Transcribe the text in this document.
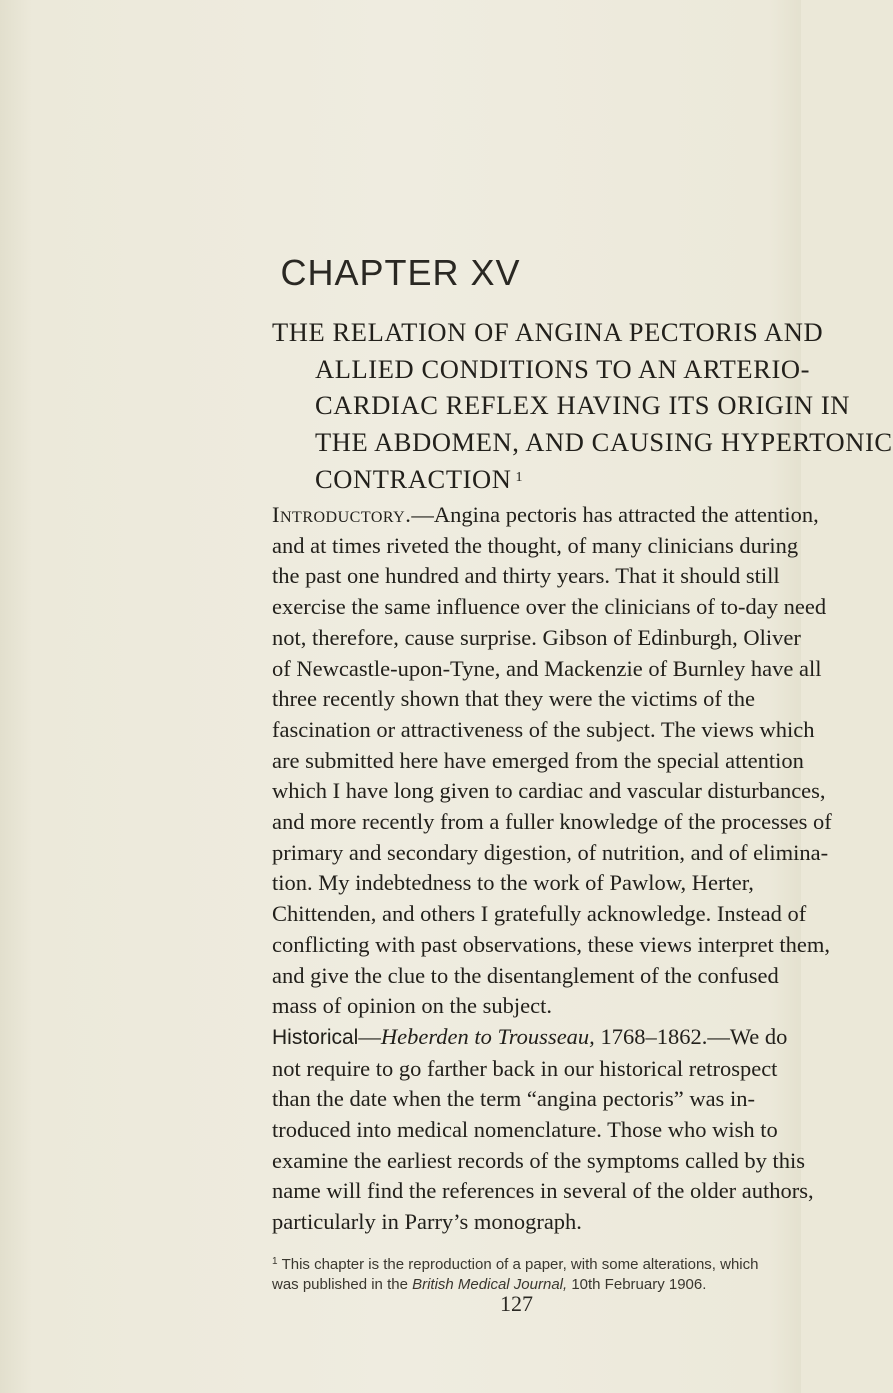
CHAPTER XV
THE RELATION OF ANGINA PECTORIS AND
ALLIED CONDITIONS TO AN ARTERIO-
CARDIAC REFLEX HAVING ITS ORIGIN IN
THE ABDOMEN, AND CAUSING HYPERTONIC
CONTRACTION $^1$
Introductory.—Angina pectoris has attracted the attention,
and at times riveted the thought, of many clinicians during
the past one hundred and thirty years. That it should still
exercise the same influence over the clinicians of to-day need
not, therefore, cause surprise. Gibson of Edinburgh, Oliver
of Newcastle-upon-Tyne, and Mackenzie of Burnley have all
three recently shown that they were the victims of the
fascination or attractiveness of the subject. The views which
are submitted here have emerged from the special attention
which I have long given to cardiac and vascular disturbances,
and more recently from a fuller knowledge of the processes of
primary and secondary digestion, of nutrition, and of elimina-
tion. My indebtedness to the work of Pawlow, Herter,
Chittenden, and others I gratefully acknowledge. Instead of
conflicting with past observations, these views interpret them,
and give the clue to the disentanglement of the confused
mass of opinion on the subject.
Historical—Heberden to Trousseau, 1768–1862.—We do
not require to go farther back in our historical retrospect
than the date when the term “angina pectoris” was in-
troduced into medical nomenclature. Those who wish to
examine the earliest records of the symptoms called by this
name will find the references in several of the older authors,
particularly in Parry’s monograph.
$^1$ This chapter is the reproduction of a paper, with some alterations, which
was published in the British Medical Journal, 10th February 1906.
127
